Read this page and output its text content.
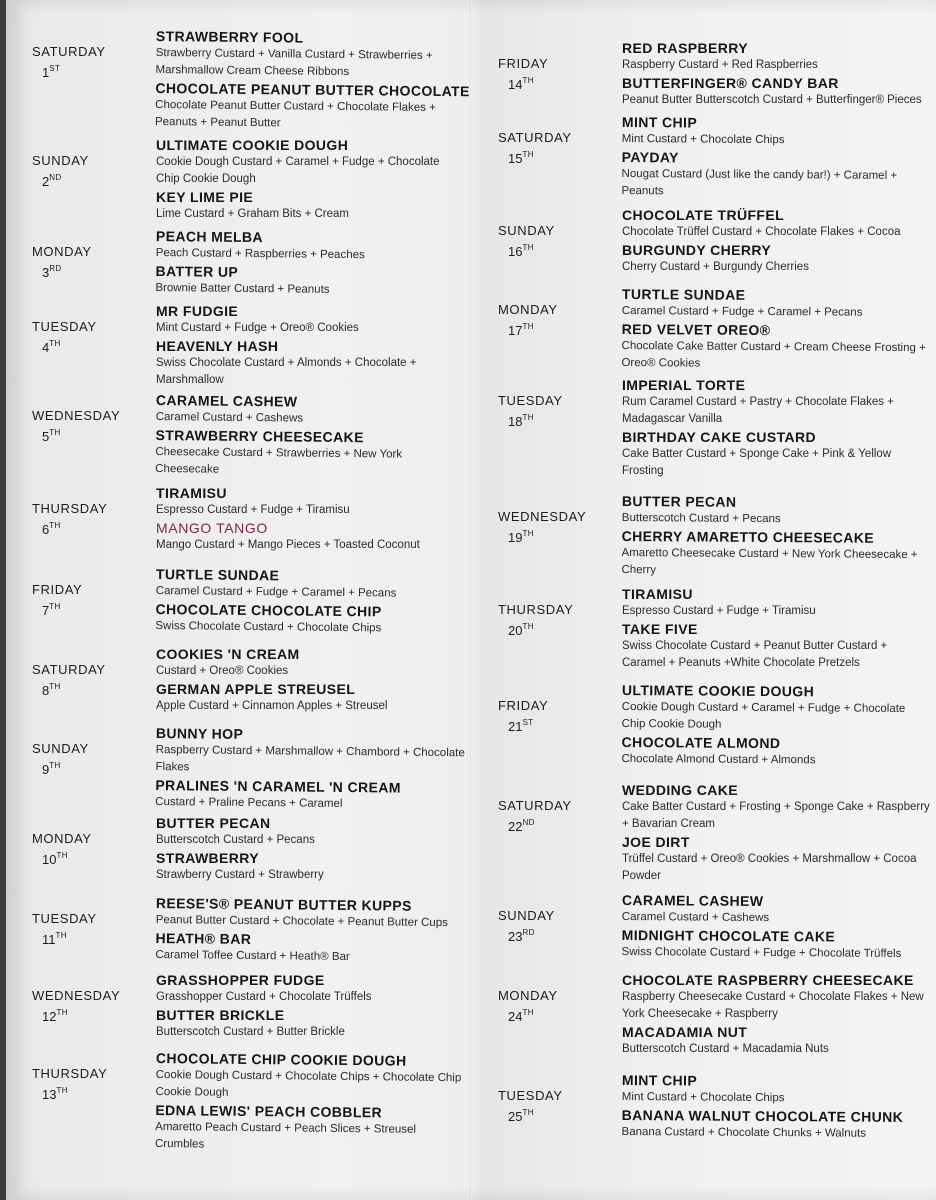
SATURDAY
1ST
STRAWBERRY FOOL
Strawberry Custard + Vanilla Custard + Strawberries + Marshmallow Cream Cheese Ribbons
CHOCOLATE PEANUT BUTTER CHOCOLATE
Chocolate Peanut Butter Custard + Chocolate Flakes + Peanuts + Peanut Butter
SUNDAY
2ND
ULTIMATE COOKIE DOUGH
Cookie Dough Custard + Caramel + Fudge + Chocolate Chip Cookie Dough
KEY LIME PIE
Lime Custard + Graham Bits + Cream
MONDAY
3RD
PEACH MELBA
Peach Custard + Raspberries + Peaches
BATTER UP
Brownie Batter Custard + Peanuts
TUESDAY
4TH
MR FUDGIE
Mint Custard + Fudge + Oreo® Cookies
HEAVENLY HASH
Swiss Chocolate Custard + Almonds + Chocolate + Marshmallow
WEDNESDAY
5TH
CARAMEL CASHEW
Caramel Custard + Cashews
STRAWBERRY CHEESECAKE
Cheesecake Custard + Strawberries + New York Cheesecake
THURSDAY
6TH
TIRAMISU
Espresso Custard + Fudge + Tiramisu
MANGO TANGO
Mango Custard + Mango Pieces + Toasted Coconut
FRIDAY
7TH
TURTLE SUNDAE
Caramel Custard + Fudge + Caramel + Pecans
CHOCOLATE CHOCOLATE CHIP
Swiss Chocolate Custard + Chocolate Chips
SATURDAY
8TH
COOKIES 'N CREAM
Custard + Oreo® Cookies
GERMAN APPLE STREUSEL
Apple Custard + Cinnamon Apples + Streusel
SUNDAY
9TH
BUNNY HOP
Raspberry Custard + Marshmallow + Chambord + Chocolate Flakes
PRALINES 'N CARAMEL 'N CREAM
Custard + Praline Pecans + Caramel
MONDAY
10TH
BUTTER PECAN
Butterscotch Custard + Pecans
STRAWBERRY
Strawberry Custard + Strawberry
TUESDAY
11TH
REESE'S® PEANUT BUTTER KUPPS
Peanut Butter Custard + Chocolate + Peanut Butter Cups
HEATH® BAR
Caramel Toffee Custard + Heath® Bar
WEDNESDAY
12TH
GRASSHOPPER FUDGE
Grasshopper Custard + Chocolate Trüffels
BUTTER BRICKLE
Butterscotch Custard + Butter Brickle
THURSDAY
13TH
CHOCOLATE CHIP COOKIE DOUGH
Cookie Dough Custard + Chocolate Chips + Chocolate Chip Cookie Dough
EDNA LEWIS' PEACH COBBLER
Amaretto Peach Custard + Peach Slices + Streusel Crumbles
FRIDAY
14TH
RED RASPBERRY
Raspberry Custard + Red Raspberries
BUTTERFINGER® CANDY BAR
Peanut Butter Butterscotch Custard + Butterfinger® Pieces
SATURDAY
15TH
MINT CHIP
Mint Custard + Chocolate Chips
PAYDAY
Nougat Custard (Just like the candy bar!) + Caramel + Peanuts
SUNDAY
16TH
CHOCOLATE TRÜFFEL
Chocolate Trüffel Custard + Chocolate Flakes + Cocoa
BURGUNDY CHERRY
Cherry Custard + Burgundy Cherries
MONDAY
17TH
TURTLE SUNDAE
Caramel Custard + Fudge + Caramel + Pecans
RED VELVET OREO®
Chocolate Cake Batter Custard + Cream Cheese Frosting + Oreo® Cookies
TUESDAY
18TH
IMPERIAL TORTE
Rum Caramel Custard + Pastry + Chocolate Flakes + Madagascar Vanilla
BIRTHDAY CAKE CUSTARD
Cake Batter Custard + Sponge Cake + Pink & Yellow Frosting
WEDNESDAY
19TH
BUTTER PECAN
Butterscotch Custard + Pecans
CHERRY AMARETTO CHEESECAKE
Amaretto Cheesecake Custard + New York Cheesecake + Cherry
THURSDAY
20TH
TIRAMISU
Espresso Custard + Fudge + Tiramisu
TAKE FIVE
Swiss Chocolate Custard + Peanut Butter Custard + Caramel + Peanuts +White Chocolate Pretzels
FRIDAY
21ST
ULTIMATE COOKIE DOUGH
Cookie Dough Custard + Caramel + Fudge + Chocolate Chip Cookie Dough
CHOCOLATE ALMOND
Chocolate Almond Custard + Almonds
SATURDAY
22ND
WEDDING CAKE
Cake Batter Custard + Frosting + Sponge Cake + Raspberry + Bavarian Cream
JOE DIRT
Trüffel Custard + Oreo® Cookies + Marshmallow + Cocoa Powder
SUNDAY
23RD
CARAMEL CASHEW
Caramel Custard + Cashews
MIDNIGHT CHOCOLATE CAKE
Swiss Chocolate Custard + Fudge + Chocolate Trüffels
MONDAY
24TH
CHOCOLATE RASPBERRY CHEESECAKE
Raspberry Cheesecake Custard + Chocolate Flakes + New York Cheesecake + Raspberry
MACADAMIA NUT
Butterscotch Custard + Macadamia Nuts
TUESDAY
25TH
MINT CHIP
Mint Custard + Chocolate Chips
BANANA WALNUT CHOCOLATE CHUNK
Banana Custard + Chocolate Chunks + Walnuts
